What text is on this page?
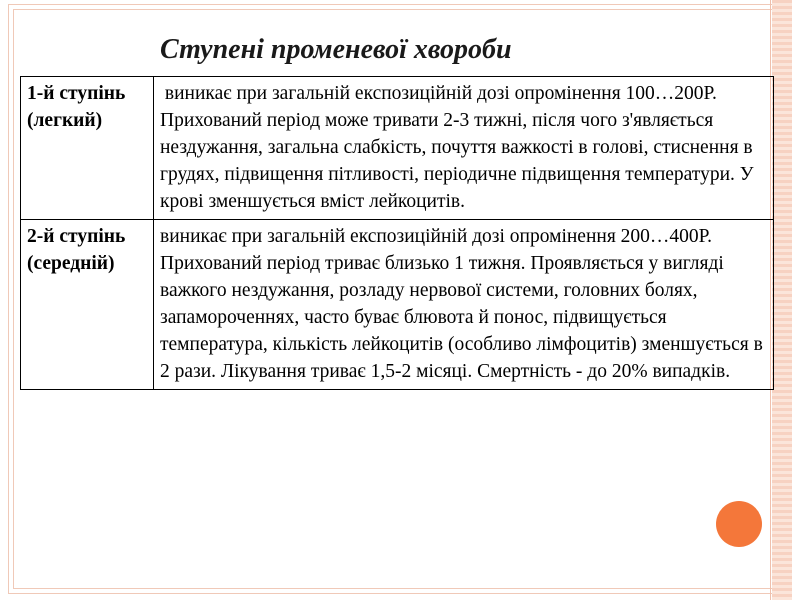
Ступені променевої хвороби
1-й ступінь
(легкий)	виникає при загальній експозиційній дозі опромінення 100…200Р. Прихований період може тривати 2-3 тижні, після чого з'являється нездужання, загальна слабкість, почуття важкості в голові, стиснення в грудях, підвищення пітливості, періодичне підвищення температури. У крові зменшується вміст лейкоцитів.
2-й ступінь
(середній)	виникає при загальній експозиційній дозі опромінення 200…400Р. Прихований період триває близько 1 тижня. Проявляється у вигляді важкого нездужання, розладу нервової системи, головних болях, запамороченнях, часто буває блювота й понос, підвищується температура, кількість лейкоцитів (особливо лімфоцитів) зменшується в 2 рази. Лікування триває 1,5-2 місяці. Смертність - до 20% випадків.
